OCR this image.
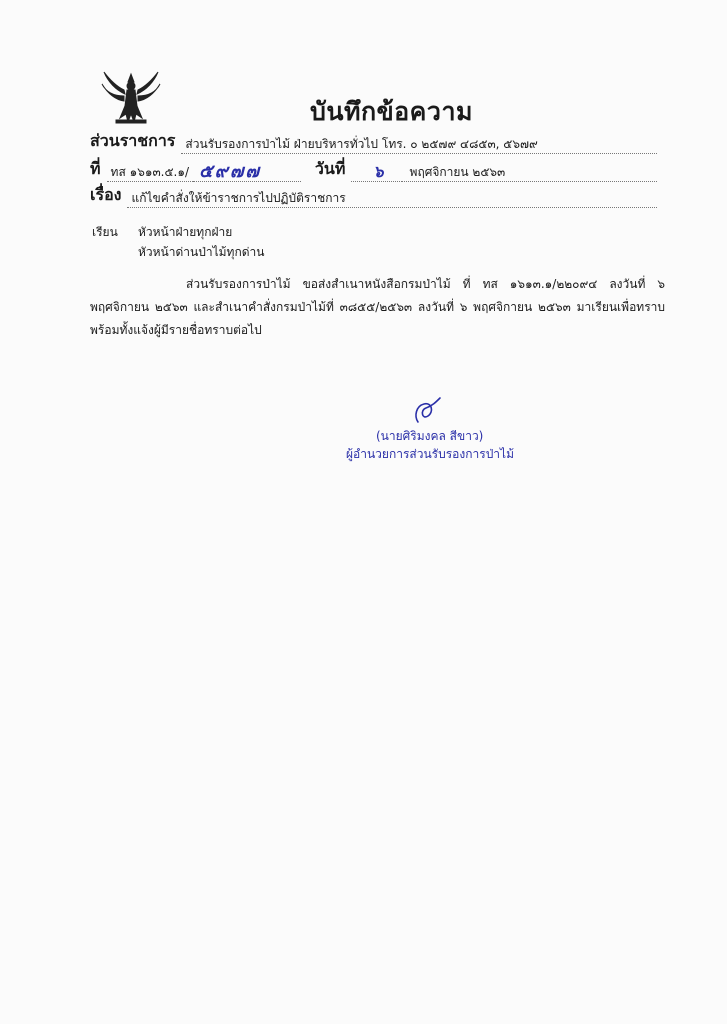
บันทึกข้อความ
ส่วนราชการ ส่วนรับรองการป่าไม้ ฝ่ายบริหารทั่วไป โทร. ๐ ๒๕๗๙ ๔๘๕๓, ๕๖๗๙
ที่ ทส ๑๖๑๓.๕.๑/ ๕๙๗๗	วันที่	๖	พฤศจิกายน ๒๕๖๓
เรื่อง แก้ไขคำสั่งให้ข้าราชการไปปฏิบัติราชการ
เรียน หัวหน้าฝ่ายทุกฝ่าย
หัวหน้าด่านป่าไม้ทุกด่าน
ส่วนรับรองการป่าไม้ ขอส่งสำเนาหนังสือกรมป่าไม้ ที่ ทส ๑๖๑๓.๑/๒๒๐๙๔ ลงวันที่ ๖ พฤศจิกายน ๒๕๖๓ และสำเนาคำสั่งกรมป่าไม้ที่ ๓๘๕๕/๒๕๖๓ ลงวันที่ ๖ พฤศจิกายน ๒๕๖๓ มาเรียนเพื่อทราบ พร้อมทั้งแจ้งผู้มีรายชื่อทราบต่อไป
(นายศิริมงคล สีขาว)
ผู้อำนวยการส่วนรับรองการป่าไม้
